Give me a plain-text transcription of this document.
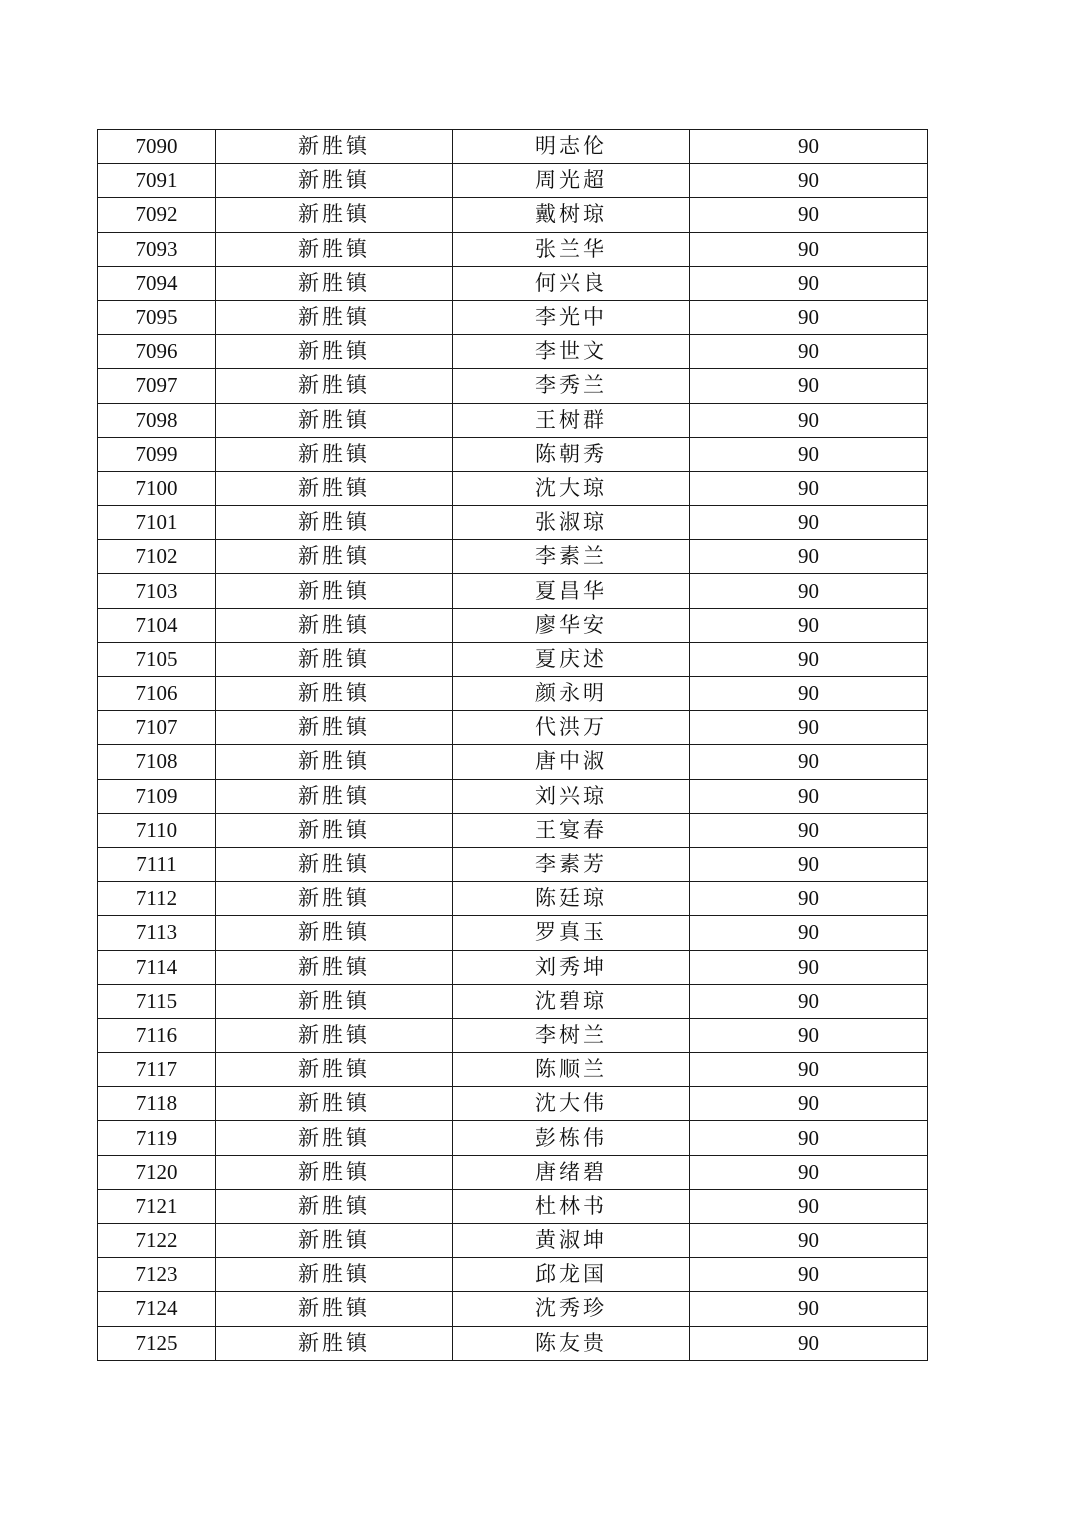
7090	新胜镇	明志伦	90
7091	新胜镇	周光超	90
7092	新胜镇	戴树琼	90
7093	新胜镇	张兰华	90
7094	新胜镇	何兴良	90
7095	新胜镇	李光中	90
7096	新胜镇	李世文	90
7097	新胜镇	李秀兰	90
7098	新胜镇	王树群	90
7099	新胜镇	陈朝秀	90
7100	新胜镇	沈大琼	90
7101	新胜镇	张淑琼	90
7102	新胜镇	李素兰	90
7103	新胜镇	夏昌华	90
7104	新胜镇	廖华安	90
7105	新胜镇	夏庆述	90
7106	新胜镇	颜永明	90
7107	新胜镇	代洪万	90
7108	新胜镇	唐中淑	90
7109	新胜镇	刘兴琼	90
7110	新胜镇	王宴春	90
7111	新胜镇	李素芳	90
7112	新胜镇	陈廷琼	90
7113	新胜镇	罗真玉	90
7114	新胜镇	刘秀坤	90
7115	新胜镇	沈碧琼	90
7116	新胜镇	李树兰	90
7117	新胜镇	陈顺兰	90
7118	新胜镇	沈大伟	90
7119	新胜镇	彭栋伟	90
7120	新胜镇	唐绪碧	90
7121	新胜镇	杜林书	90
7122	新胜镇	黄淑坤	90
7123	新胜镇	邱龙国	90
7124	新胜镇	沈秀珍	90
7125	新胜镇	陈友贵	90
